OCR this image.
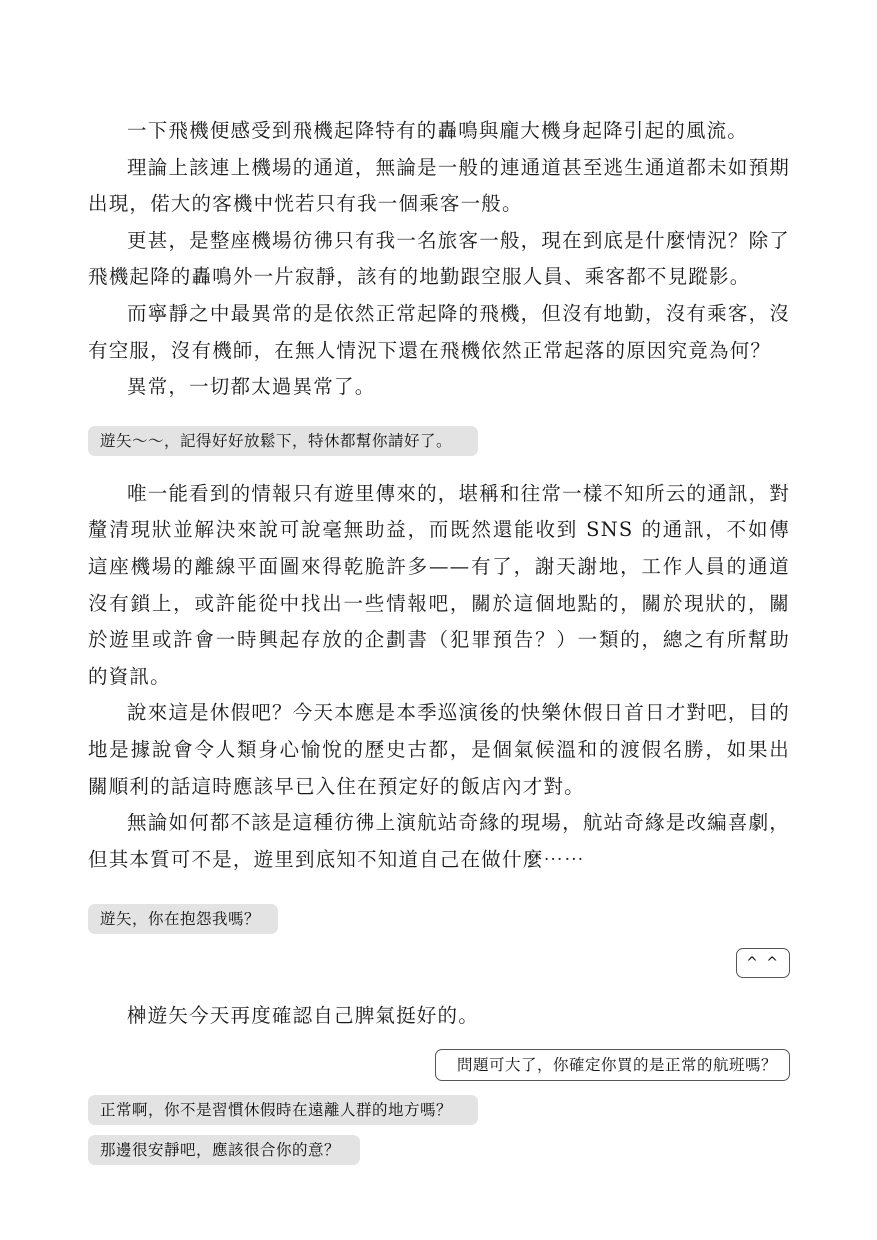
一下飛機便感受到飛機起降特有的轟鳴與龐大機身起降引起的風流。

理論上該連上機場的通道，無論是一般的連通道甚至逃生通道都未如預期出現，偌大的客機中恍若只有我一個乘客一般。

更甚，是整座機場彷彿只有我一名旅客一般，現在到底是什麼情況？除了飛機起降的轟鳴外一片寂靜，該有的地勤跟空服人員、乘客都不見蹤影。

而寧靜之中最異常的是依然正常起降的飛機，但沒有地勤，沒有乘客，沒有空服，沒有機師，在無人情況下還在飛機依然正常起落的原因究竟為何？

異常，一切都太過異常了。

遊矢～～，記得好好放鬆下，特休都幫你請好了。

唯一能看到的情報只有遊里傳來的，堪稱和往常一樣不知所云的通訊，對釐清現狀並解決來說可說毫無助益，而既然還能收到 SNS 的通訊，不如傳這座機場的離線平面圖來得乾脆許多——有了，謝天謝地，工作人員的通道沒有鎖上，或許能從中找出一些情報吧，關於這個地點的，關於現狀的，關於遊里或許會一時興起存放的企劃書（犯罪預告？）一類的，總之有所幫助的資訊。

說來這是休假吧？今天本應是本季巡演後的快樂休假日首日才對吧，目的地是據說會令人類身心愉悅的歷史古都，是個氣候溫和的渡假名勝，如果出關順利的話這時應該早已入住在預定好的飯店內才對。

無論如何都不該是這種彷彿上演航站奇緣的現場，航站奇緣是改編喜劇，但其本質可不是，遊里到底知不知道自己在做什麼⋯⋯

遊矢，你在抱怨我嗎？
^ ^

榊遊矢今天再度確認自己脾氣挺好的。

問題可大了，你確定你買的是正常的航班嗎？
正常啊，你不是習慣休假時在遠離人群的地方嗎？
那邊很安靜吧，應該很合你的意？
